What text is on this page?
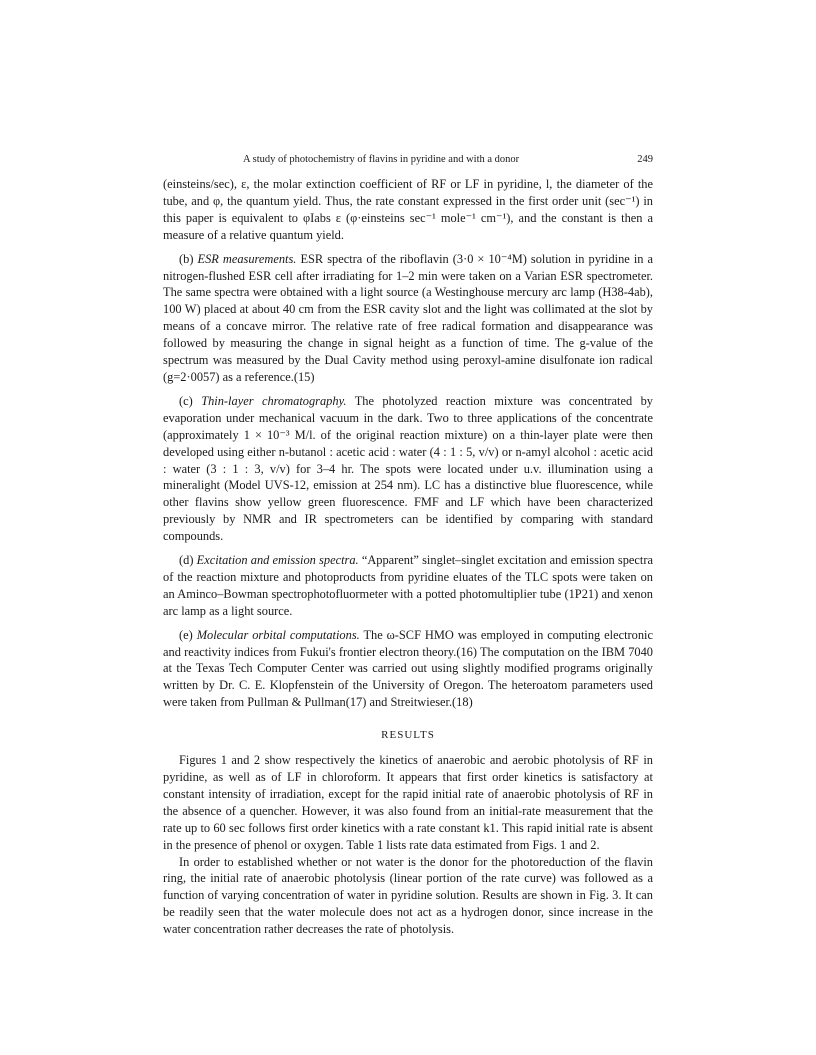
A study of photochemistry of flavins in pyridine and with a donor	249

(einsteins/sec), ε, the molar extinction coefficient of RF or LF in pyridine, l, the diameter of the tube, and φ, the quantum yield. Thus, the rate constant expressed in the first order unit (sec⁻¹) in this paper is equivalent to φIabs ε (φ·einsteins sec⁻¹ mole⁻¹ cm⁻¹), and the constant is then a measure of a relative quantum yield.

(b) ESR measurements. ESR spectra of the riboflavin (3·0 × 10⁻⁴M) solution in pyridine in a nitrogen-flushed ESR cell after irradiating for 1–2 min were taken on a Varian ESR spectrometer. The same spectra were obtained with a light source (a Westinghouse mercury arc lamp (H38-4ab), 100 W) placed at about 40 cm from the ESR cavity slot and the light was collimated at the slot by means of a concave mirror. The relative rate of free radical formation and disappearance was followed by measuring the change in signal height as a function of time. The g-value of the spectrum was measured by the Dual Cavity method using peroxyl-amine disulfonate ion radical (g=2·0057) as a reference.(15)

(c) Thin-layer chromatography. The photolyzed reaction mixture was concentrated by evaporation under mechanical vacuum in the dark. Two to three applications of the concentrate (approximately 1 × 10⁻³ M/l. of the original reaction mixture) on a thin-layer plate were then developed using either n-butanol : acetic acid : water (4 : 1 : 5, v/v) or n-amyl alcohol : acetic acid : water (3 : 1 : 3, v/v) for 3–4 hr. The spots were located under u.v. illumination using a mineralight (Model UVS-12, emission at 254 nm). LC has a distinctive blue fluorescence, while other flavins show yellow green fluorescence. FMF and LF which have been characterized previously by NMR and IR spectrometers can be identified by comparing with standard compounds.

(d) Excitation and emission spectra. “Apparent” singlet–singlet excitation and emission spectra of the reaction mixture and photoproducts from pyridine eluates of the TLC spots were taken on an Aminco–Bowman spectrophotofluormeter with a potted photomultiplier tube (1P21) and xenon arc lamp as a light source.

(e) Molecular orbital computations. The ω-SCF HMO was employed in computing electronic and reactivity indices from Fukui's frontier electron theory.(16) The computation on the IBM 7040 at the Texas Tech Computer Center was carried out using slightly modified programs originally written by Dr. C. E. Klopfenstein of the University of Oregon. The heteroatom parameters used were taken from Pullman & Pullman(17) and Streitwieser.(18)

RESULTS

Figures 1 and 2 show respectively the kinetics of anaerobic and aerobic photolysis of RF in pyridine, as well as of LF in chloroform. It appears that first order kinetics is satisfactory at constant intensity of irradiation, except for the rapid initial rate of anaerobic photolysis of RF in the absence of a quencher. However, it was also found from an initial-rate measurement that the rate up to 60 sec follows first order kinetics with a rate constant k1. This rapid initial rate is absent in the presence of phenol or oxygen. Table 1 lists rate data estimated from Figs. 1 and 2.

In order to established whether or not water is the donor for the photoreduction of the flavin ring, the initial rate of anaerobic photolysis (linear portion of the rate curve) was followed as a function of varying concentration of water in pyridine solution. Results are shown in Fig. 3. It can be readily seen that the water molecule does not act as a hydrogen donor, since increase in the water concentration rather decreases the rate of photolysis.
